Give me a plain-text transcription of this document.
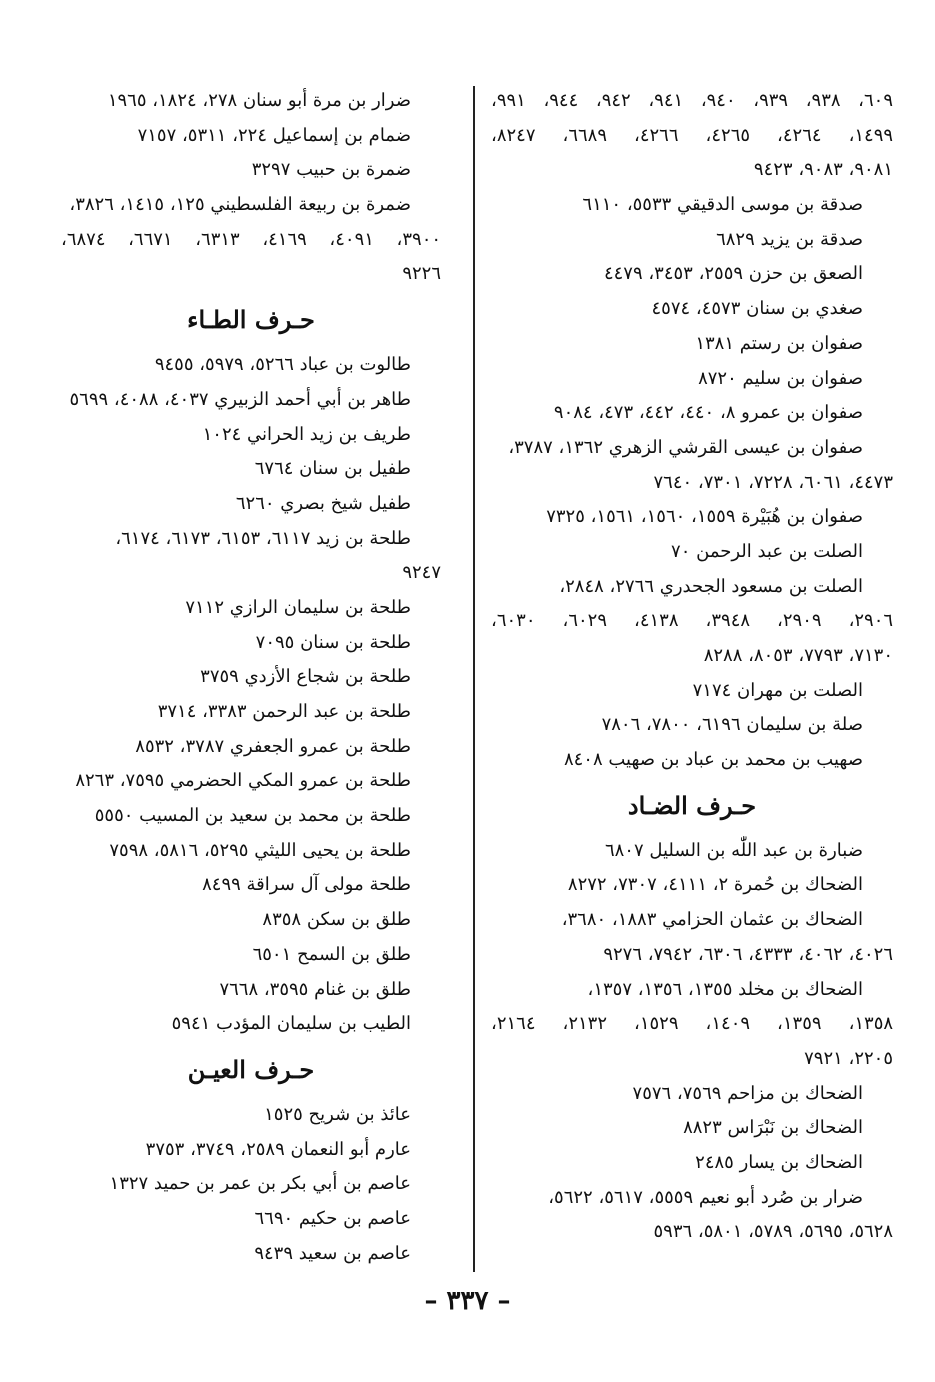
٦٠٩، ٩٣٨، ٩٣٩، ٩٤٠، ٩٤١، ٩٤٢، ٩٤٤، ٩٩١،
١٤٩٩، ٤٢٦٤، ٤٢٦٥، ٤٢٦٦، ٦٦٨٩، ٨٢٤٧،
٩٠٨١، ٩٠٨٣، ٩٤٢٣
صدقة بن موسى الدقيقي ٥٥٣٣، ٦١١٠
صدقة بن يزيد ٦٨٢٩
الصعق بن حزن ٢٥٥٩، ٣٤٥٣، ٤٤٧٩
صغدي بن سنان ٤٥٧٣، ٤٥٧٤
صفوان بن رستم ١٣٨١
صفوان بن سليم ٨٧٢٠
صفوان بن عمرو ٨، ٤٤٠، ٤٤٢، ٤٧٣، ٩٠٨٤
صفوان بن عيسى القرشي الزهري ١٣٦٢، ٣٧٨٧،
٤٤٧٣، ٦٠٦١، ٧٢٢٨، ٧٣٠١، ٧٦٤٠
صفوان بن هُبَيْرة ١٥٥٩، ١٥٦٠، ١٥٦١، ٧٣٢٥
الصلت بن عبد الرحمن ٧٠
الصلت بن مسعود الجحدري ٢٧٦٦، ٢٨٤٨،
٢٩٠٦، ٢٩٠٩، ٣٩٤٨، ٤١٣٨، ٦٠٢٩، ٦٠٣٠،
٧١٣٠، ٧٧٩٣، ٨٠٥٣، ٨٢٨٨
الصلت بن مهران ٧١٧٤
صلة بن سليمان ٦١٩٦، ٧٨٠٠، ٧٨٠٦
صهيب بن محمد بن عباد بن صهيب ٨٤٠٨
حـرف الضـاد
ضبارة بن عبد اللّٰه بن السليل ٦٨٠٧
الضحاك بن حُمرة ٢، ٤١١١، ٧٣٠٧، ٨٢٧٢
الضحاك بن عثمان الحزامي ١٨٨٣، ٣٦٨٠،
٤٠٢٦، ٤٠٦٢، ٤٣٣٣، ٦٣٠٦، ٧٩٤٢، ٩٢٧٦
الضحاك بن مخلد ١٣٥٥، ١٣٥٦، ١٣٥٧،
١٣٥٨، ١٣٥٩، ١٤٠٩، ١٥٢٩، ٢١٣٢، ٢١٦٤،
٢٢٠٥، ٧٩٢١
الضحاك بن مزاحم ٧٥٦٩، ٧٥٧٦
الضحاك بن نَبْرَاس ٨٨٢٣
الضحاك بن يسار ٢٤٨٥
ضرار بن صُرد أبو نعيم ٥٥٥٩، ٥٦١٧، ٥٦٢٢،
٥٦٢٨، ٥٦٩٥، ٥٧٨٩، ٥٨٠١، ٥٩٣٦
ضرار بن مرة أبو سنان ٢٧٨، ١٨٢٤، ١٩٦٥
ضمام بن إسماعيل ٢٢٤، ٥٣١١، ٧١٥٧
ضمرة بن حبيب ٣٢٩٧
ضمرة بن ربيعة الفلسطيني ١٢٥، ١٤١٥، ٣٨٢٦،
٣٩٠٠، ٤٠٩١، ٤١٦٩، ٦٣١٣، ٦٦٧١، ٦٨٧٤،
٩٢٢٦
حـرف الطـاء
طالوت بن عباد ٥٢٦٦، ٥٩٧٩، ٩٤٥٥
طاهر بن أبي أحمد الزبيري ٤٠٣٧، ٤٠٨٨، ٥٦٩٩
طريف بن زيد الحراني ١٠٢٤
طفيل بن سنان ٦٧٦٤
طفيل شيخ بصري ٦٢٦٠
طلحة بن زيد ٦١١٧، ٦١٥٣، ٦١٧٣، ٦١٧٤،
٩٢٤٧
طلحة بن سليمان الرازي ٧١١٢
طلحة بن سنان ٧٠٩٥
طلحة بن شجاع الأزدي ٣٧٥٩
طلحة بن عبد الرحمن ٣٣٨٣، ٣٧١٤
طلحة بن عمرو الجعفري ٣٧٨٧، ٨٥٣٢
طلحة بن عمرو المكي الحضرمي ٧٥٩٥، ٨٢٦٣
طلحة بن محمد بن سعيد بن المسيب ٥٥٥٠
طلحة بن يحيى الليثي ٥٢٩٥، ٥٨١٦، ٧٥٩٨
طلحة مولى آل سراقة ٨٤٩٩
طلق بن سكن ٨٣٥٨
طلق بن السمح ٦٥٠١
طلق بن غنام ٣٥٩٥، ٧٦٦٨
الطيب بن سليمان المؤدب ٥٩٤١
حـرف العيـن
عائذ بن شريح ١٥٢٥
عارم أبو النعمان ٢٥٨٩، ٣٧٤٩، ٣٧٥٣
عاصم بن أبي بكر بن عمر بن حميد ١٣٢٧
عاصم بن حكيم ٦٦٩٠
عاصم بن سعيد ٩٤٣٩
– ٣٣٧ –
